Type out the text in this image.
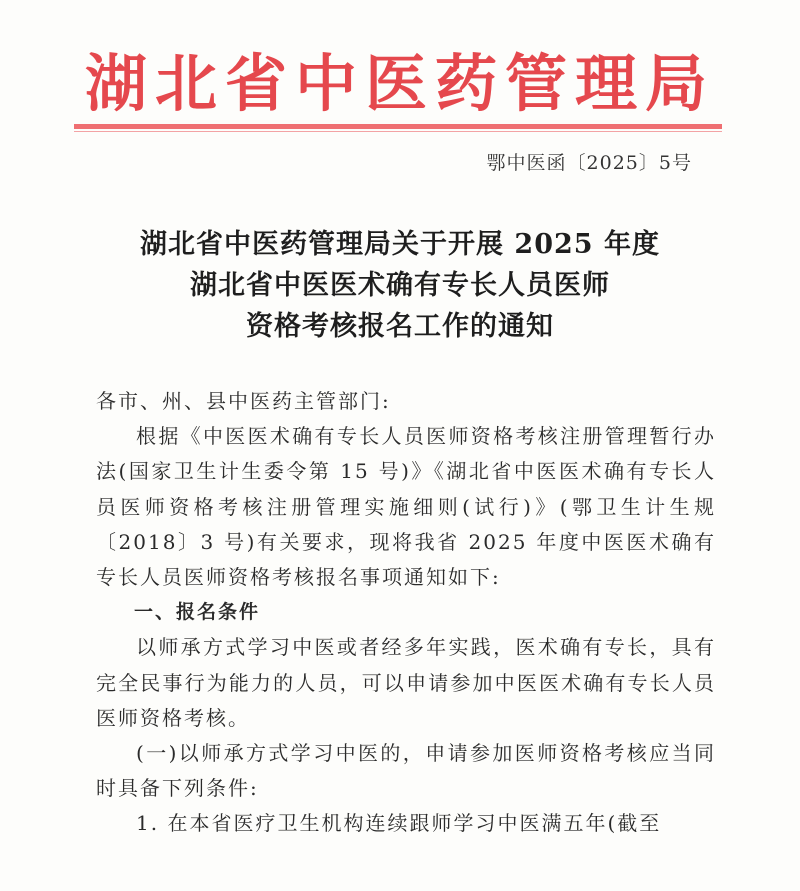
湖北省中医药管理局
鄂中医函〔2025〕5号
湖北省中医药管理局关于开展 2025 年度
湖北省中医医术确有专长人员医师
资格考核报名工作的通知

各市、州、县中医药主管部门:

根据《中医医术确有专长人员医师资格考核注册管理暂行办法(国家卫生计生委令第 15 号)》《湖北省中医医术确有专长人员医师资格考核注册管理实施细则(试行)》(鄂卫生计生规〔2018〕3 号)有关要求，现将我省 2025 年度中医医术确有专长人员医师资格考核报名事项通知如下:

一、报名条件

以师承方式学习中医或者经多年实践，医术确有专长，具有完全民事行为能力的人员，可以申请参加中医医术确有专长人员医师资格考核。

(一)以师承方式学习中医的，申请参加医师资格考核应当同时具备下列条件:

1. 在本省医疗卫生机构连续跟师学习中医满五年(截至
